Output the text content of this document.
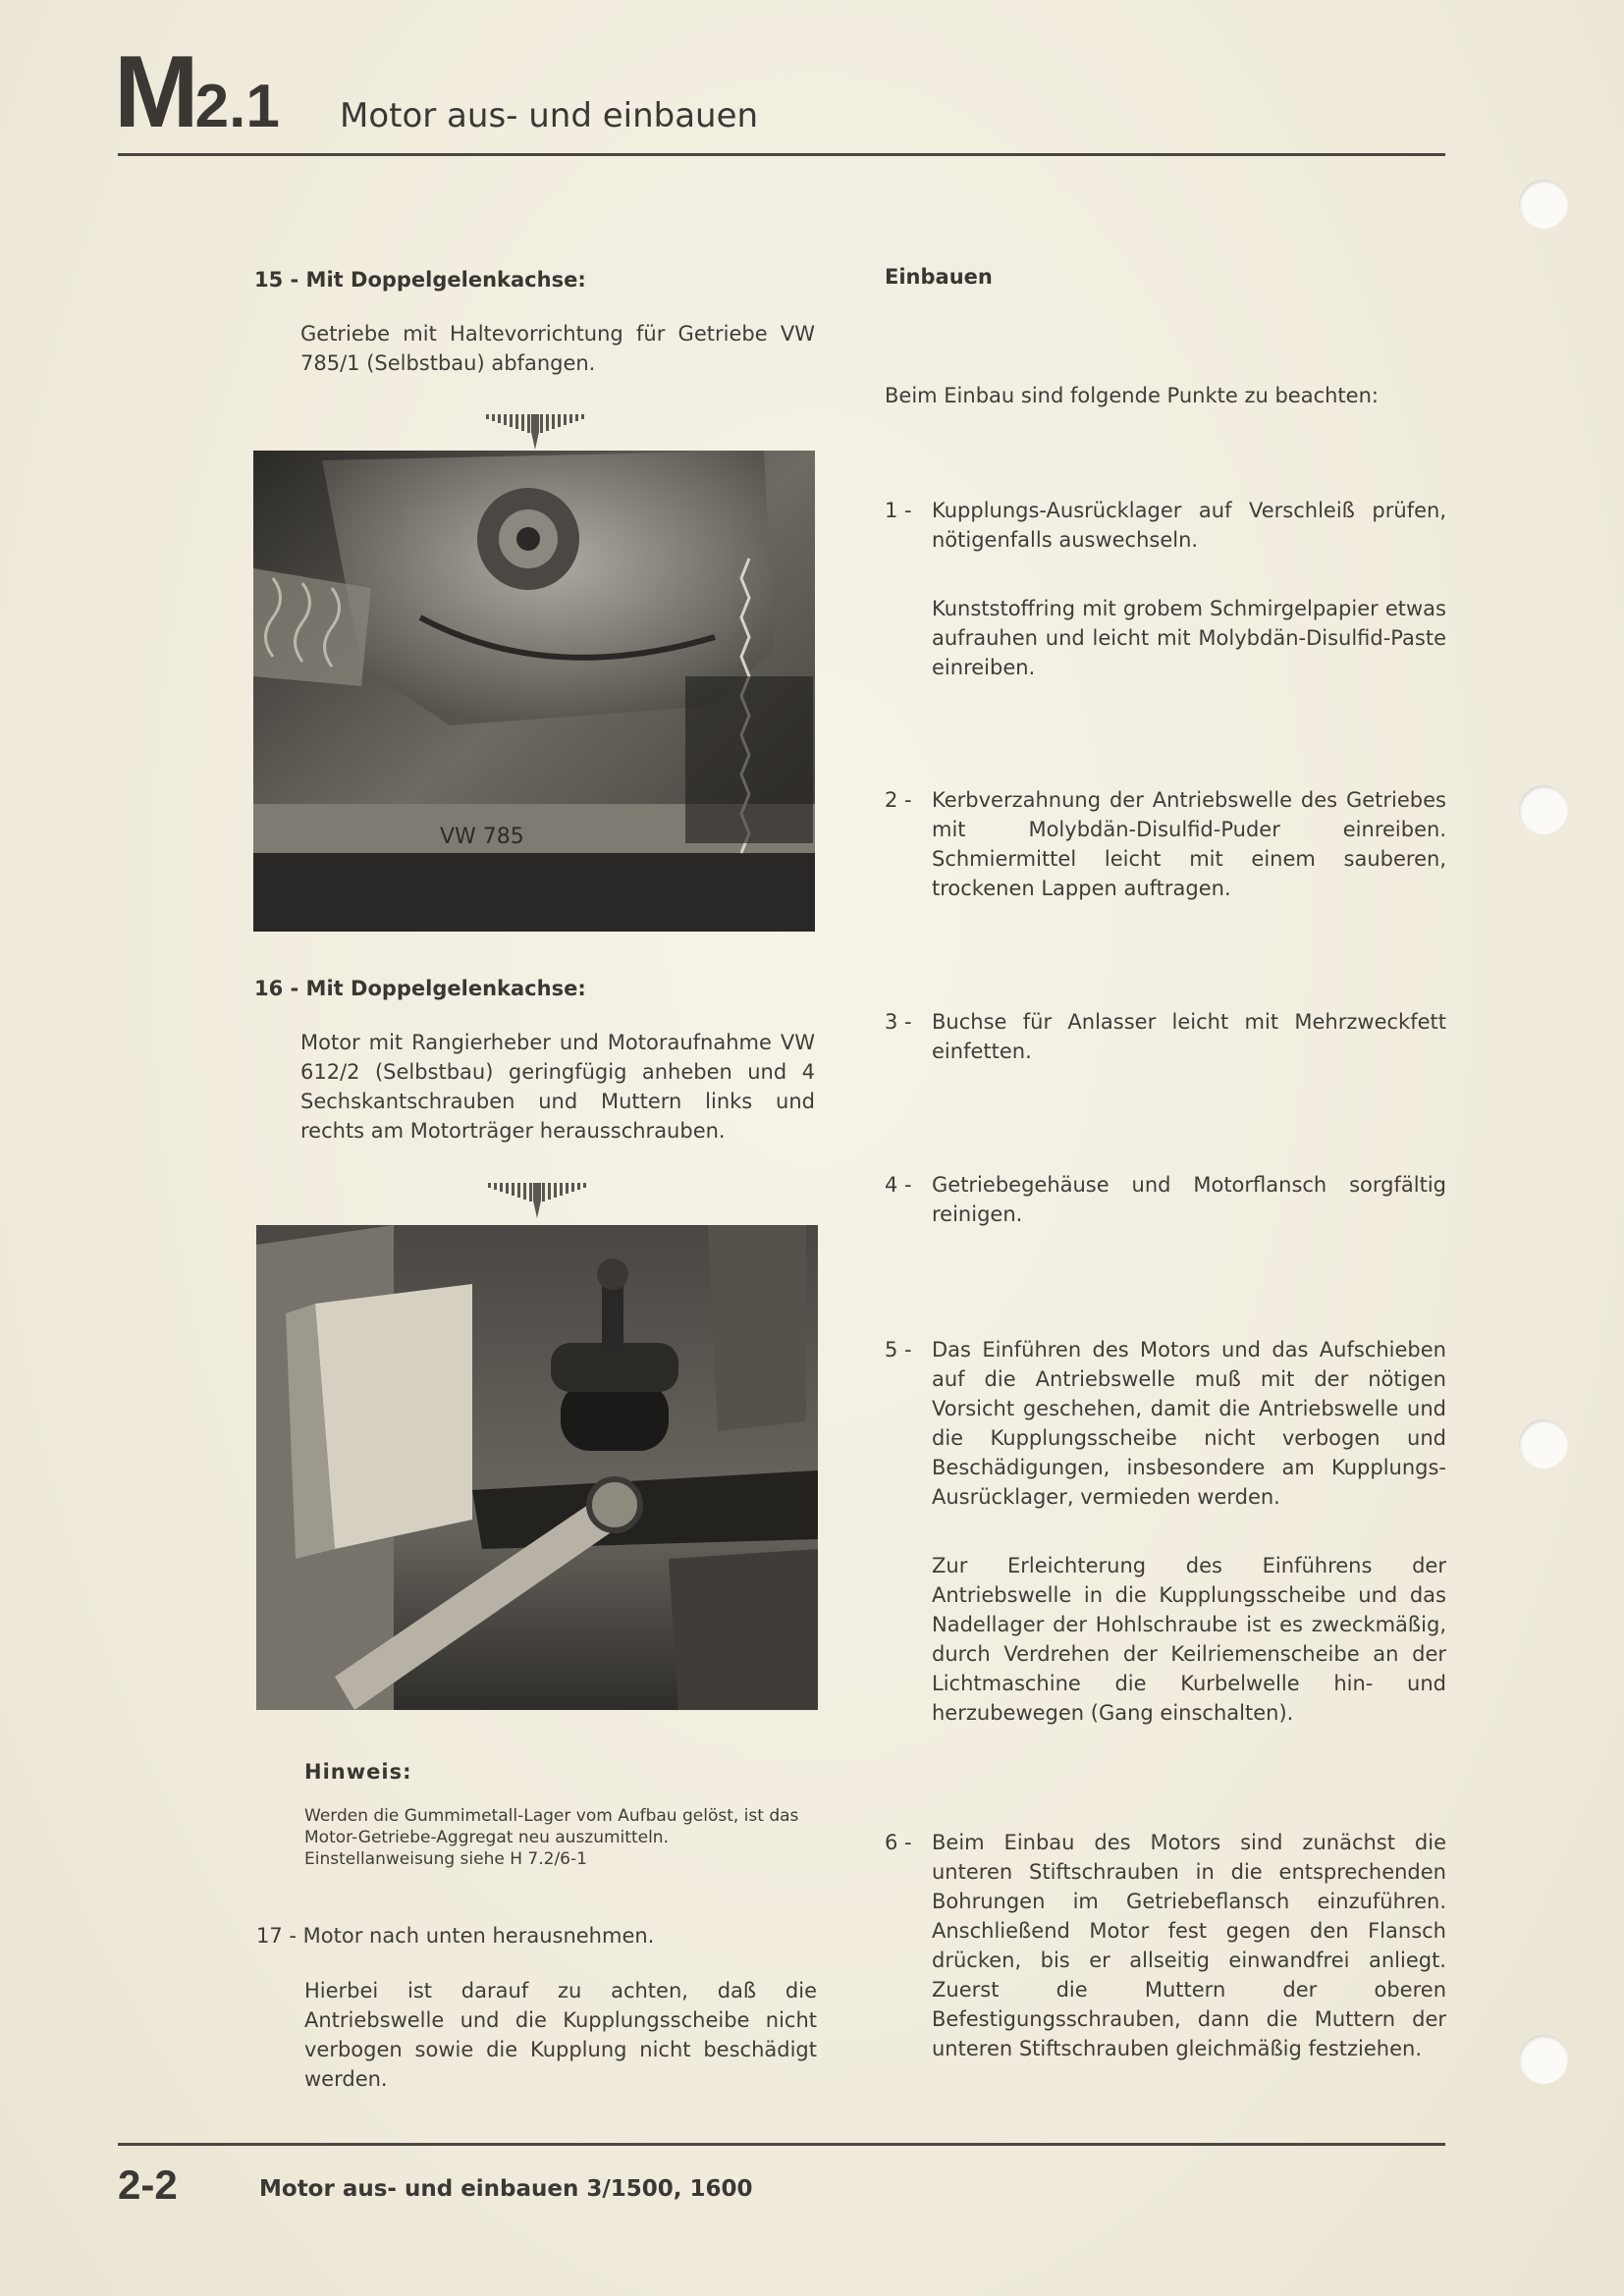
M2.1 Motor aus- und einbauen
15 - Mit Doppelgelenkachse:
Getriebe mit Haltevorrichtung für Getriebe VW 785/1 (Selbstbau) abfangen.
VW 785
16 - Mit Doppelgelenkachse:
Motor mit Rangierheber und Motoraufnahme VW 612/2 (Selbstbau) geringfügig anheben und 4 Sechskantschrauben und Muttern links und rechts am Motorträger herausschrauben.
Hinweis:
Werden die Gummimetall-Lager vom Aufbau gelöst, ist das Motor-Getriebe-Aggregat neu auszumitteln. Einstellanweisung siehe H 7.2/6-1
17 - Motor nach unten herausnehmen.
Hierbei ist darauf zu achten, daß die Antriebswelle und die Kupplungsscheibe nicht verbogen sowie die Kupplung nicht beschädigt werden.
Einbauen
Beim Einbau sind folgende Punkte zu beachten:
1 - Kupplungs-Ausrücklager auf Verschleiß prüfen, nötigenfalls auswechseln.
Kunststoffring mit grobem Schmirgelpapier etwas aufrauhen und leicht mit Molybdän-Disulfid-Paste einreiben.
2 - Kerbverzahnung der Antriebswelle des Getriebes mit Molybdän-Disulfid-Puder einreiben. Schmiermittel leicht mit einem sauberen, trockenen Lappen auftragen.
3 - Buchse für Anlasser leicht mit Mehrzweckfett einfetten.
4 - Getriebegehäuse und Motorflansch sorgfältig reinigen.
5 - Das Einführen des Motors und das Aufschieben auf die Antriebswelle muß mit der nötigen Vorsicht geschehen, damit die Antriebswelle und die Kupplungsscheibe nicht verbogen und Beschädigungen, insbesondere am Kupplungs-Ausrücklager, vermieden werden.
Zur Erleichterung des Einführens der Antriebswelle in die Kupplungsscheibe und das Nadellager der Hohlschraube ist es zweckmäßig, durch Verdrehen der Keilriemenscheibe an der Lichtmaschine die Kurbelwelle hin- und herzubewegen (Gang einschalten).
6 - Beim Einbau des Motors sind zunächst die unteren Stiftschrauben in die entsprechenden Bohrungen im Getriebeflansch einzuführen. Anschließend Motor fest gegen den Flansch drücken, bis er allseitig einwandfrei anliegt. Zuerst die Muttern der oberen Befestigungsschrauben, dann die Muttern der unteren Stiftschrauben gleichmäßig festziehen.
2-2	Motor aus- und einbauen 3/1500, 1600
